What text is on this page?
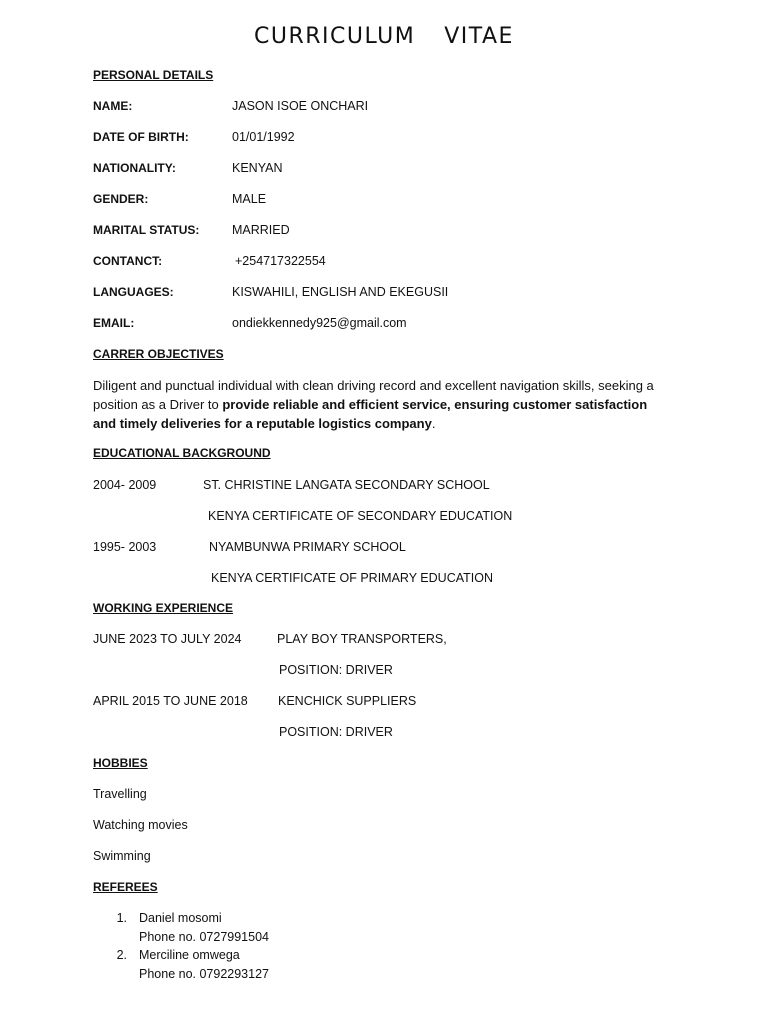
CURRICULUM  VITAE
PERSONAL DETAILS
NAME:	JASON ISOE ONCHARI
DATE OF BIRTH:	01/01/1992
NATIONALITY:	KENYAN
GENDER:	MALE
MARITAL STATUS:	MARRIED
CONTANCT:	+254717322554
LANGUAGES:	KISWAHILI, ENGLISH AND EKEGUSII
EMAIL:	ondiekkennedy925@gmail.com
CARRER OBJECTIVES
Diligent and punctual individual with clean driving record and excellent navigation skills, seeking a position as a Driver to provide reliable and efficient service, ensuring customer satisfaction and timely deliveries for a reputable logistics company.
EDUCATIONAL BACKGROUND
2004- 2009	ST. CHRISTINE LANGATA SECONDARY SCHOOL
KENYA CERTIFICATE OF SECONDARY EDUCATION
1995- 2003	NYAMBUNWA PRIMARY SCHOOL
KENYA CERTIFICATE OF PRIMARY EDUCATION
WORKING EXPERIENCE
JUNE 2023 TO JULY 2024	PLAY BOY TRANSPORTERS,
POSITION: DRIVER
APRIL 2015 TO JUNE 2018 KENCHICK SUPPLIERS
POSITION: DRIVER
HOBBIES
Travelling
Watching movies
Swimming
REFEREES
1. Daniel mosomi
Phone no. 0727991504
2. Merciline omwega
Phone no. 0792293127
